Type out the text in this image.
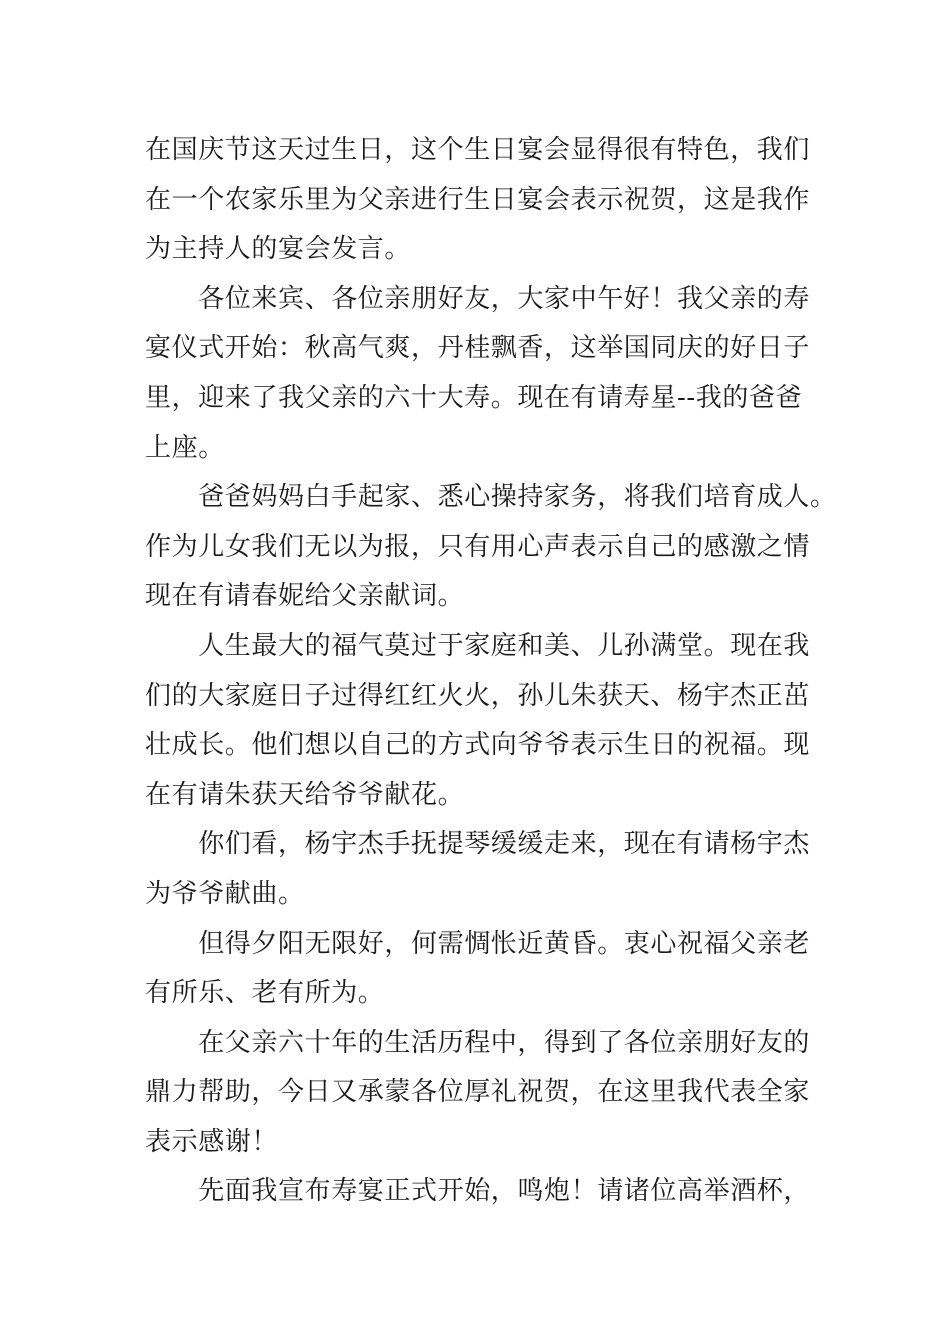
在国庆节这天过生日，这个生日宴会显得很有特色，我们

在一个农家乐里为父亲进行生日宴会表示祝贺，这是我作

为主持人的宴会发言。

　　各位来宾、各位亲朋好友，大家中午好！我父亲的寿

宴仪式开始：秋高气爽，丹桂飘香，这举国同庆的好日子

里，迎来了我父亲的六十大寿。现在有请寿星--我的爸爸

上座。

　　爸爸妈妈白手起家、悉心操持家务，将我们培育成人。

作为儿女我们无以为报，只有用心声表示自己的感激之情

现在有请春妮给父亲献词。

　　人生最大的福气莫过于家庭和美、儿孙满堂。现在我

们的大家庭日子过得红红火火，孙儿朱获天、杨宇杰正茁

壮成长。他们想以自己的方式向爷爷表示生日的祝福。现

在有请朱获天给爷爷献花。

　　你们看，杨宇杰手抚提琴缓缓走来，现在有请杨宇杰

为爷爷献曲。

　　但得夕阳无限好，何需惆怅近黄昏。衷心祝福父亲老

有所乐、老有所为。

　　在父亲六十年的生活历程中，得到了各位亲朋好友的

鼎力帮助，今日又承蒙各位厚礼祝贺，在这里我代表全家

表示感谢！

　　先面我宣布寿宴正式开始，鸣炮！请诸位高举酒杯，
